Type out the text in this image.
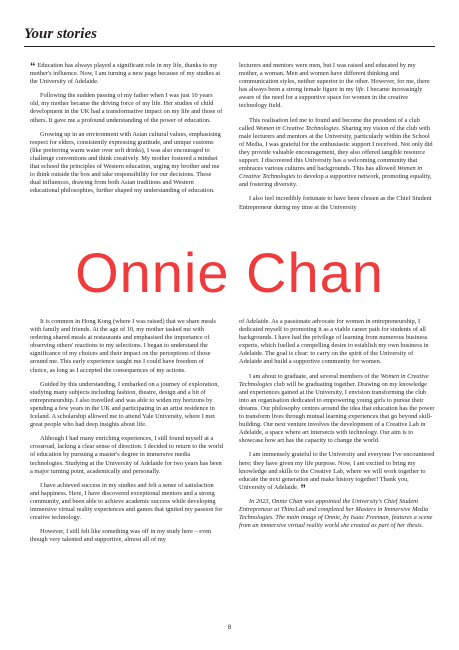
Your stories

“ Education has always played a significant role in my life, thanks to my mother's influence. Now, I am turning a new page because of my studies at the University of Adelaide.

Following the sudden passing of my father when I was just 10 years old, my mother became the driving force of my life. Her studies of child development in the UK had a transformative impact on my life and those of others. It gave me a profound understanding of the power of education.

Growing up in an environment with Asian cultural values, emphasising respect for elders, consistently expressing gratitude, and unique customs (like preferring warm water over soft drinks), I was also encouraged to challenge conventions and think creatively. My mother fostered a mindset that echoed the principles of Western education, urging my brother and me to think outside the box and take responsibility for our decisions. These dual influences, drawing from both Asian traditions and Western educational philosophies, further shaped my understanding of education.

lecturers and mentors were men, but I was raised and educated by my mother, a woman. Men and women have different thinking and communication styles, neither superior to the other. However, for me, there has always been a strong female figure in my life. I became increasingly aware of the need for a supportive space for women in the creative technology field.

This realisation led me to found and become the president of a club called Women in Creative Technologies. Sharing my vision of the club with male lecturers and mentors at the University, particularly within the School of Media, I was grateful for the enthusiastic support I received. Not only did they provide valuable encouragement, they also offered tangible resource support. I discovered this University has a welcoming community that embraces various cultures and backgrounds. This has allowed Women in Creative Technologies to develop a supportive network, promoting equality, and fostering diversity.

I also feel incredibly fortunate to have been chosen as the Chief Student Entrepreneur during my time at the University

Onnie Chan

It is common in Hong Kong (where I was raised) that we share meals with family and friends. At the age of 10, my mother tasked me with ordering shared meals at restaurants and emphasised the importance of observing others' reactions to my selections. I began to understand the significance of my choices and their impact on the perceptions of those around me. This early experience taught me I could have freedom of choice, as long as I accepted the consequences of my actions.

Guided by this understanding, I embarked on a journey of exploration, studying many subjects including fashion, theatre, design and a bit of entrepreneurship. I also travelled and was able to widen my horizons by spending a few years in the UK and participating in an artist residence in Iceland. A scholarship allowed me to attend Yale University, where I met great people who had deep insights about life.

Although I had many enriching experiences, I still found myself at a crossroad, lacking a clear sense of direction. I decided to return to the world of education by pursuing a master's degree in immersive media technologies. Studying at the University of Adelaide for two years has been a major turning point, academically and personally.

I have achieved success in my studies and felt a sense of satisfaction and happiness. Here, I have discovered exceptional mentors and a strong community, and been able to achieve academic success while developing immersive virtual reality experiences and games that ignited my passion for creative technology.

However, I still felt like something was off in my study here – even though very talented and supportive, almost all of my

of Adelaide. As a passionate advocate for women in entrepreneurship, I dedicated myself to promoting it as a viable career path for students of all backgrounds. I have had the privilege of learning from numerous business experts, which fuelled a compelling desire to establish my own business in Adelaide. The goal is clear: to carry on the spirit of the University of Adelaide and build a supportive community for women.

I am about to graduate, and several members of the Women in Creative Technologies club will be graduating together. Drawing on my knowledge and experiences gained at the University, I envision transforming the club into an organisation dedicated to empowering young girls to pursue their dreams. Our philosophy centres around the idea that education has the power to transform lives through mutual learning experiences that go beyond skill-building. Our next venture involves the development of a Creative Lab in Adelaide, a space where art intersects with technology. Our aim is to showcase how art has the capacity to change the world.

I am immensely grateful to the University and everyone I've encountered here; they have given my life purpose. Now, I am excited to bring my knowledge and skills to the Creative Lab, where we will work together to educate the next generation and make history together! Thank you, University of Adelaide. ”

In 2023, Onnie Chan was appointed the University's Chief Student Entrepreneur at ThincLab and completed her Masters in Immersive Media Technologies. The main image of Onnie, by Isaac Freeman, features a scene from an immersive virtual reality world she created as part of her thesis.

8
